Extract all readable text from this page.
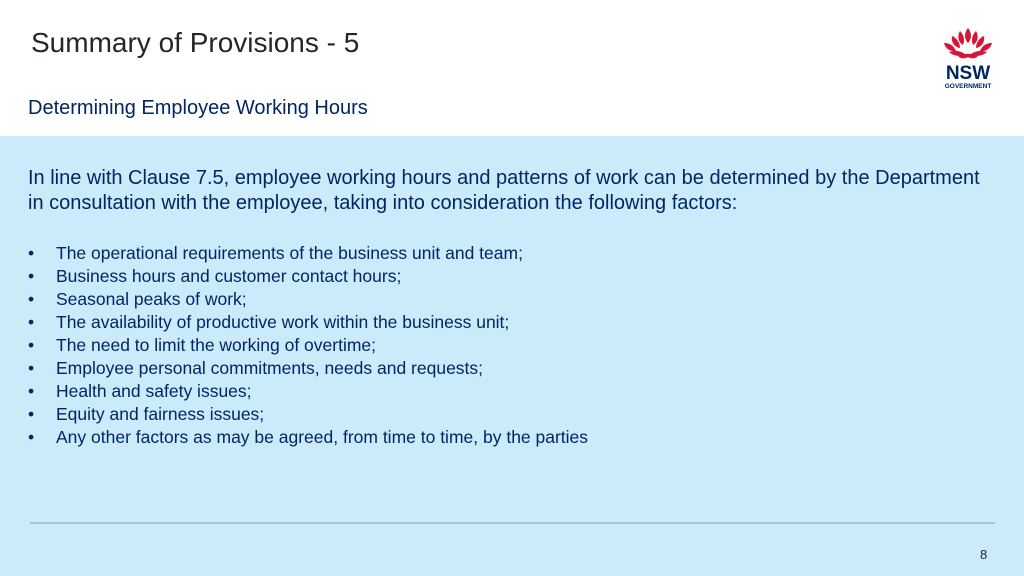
Summary of Provisions - 5
Determining Employee Working Hours
NSW
GOVERNMENT
In line with Clause 7.5, employee working hours and patterns of work can be determined by the Department in consultation with the employee, taking into consideration the following factors:
• The operational requirements of the business unit and team;
• Business hours and customer contact hours;
• Seasonal peaks of work;
• The availability of productive work within the business unit;
• The need to limit the working of overtime;
• Employee personal commitments, needs and requests;
• Health and safety issues;
• Equity and fairness issues;
• Any other factors as may be agreed, from time to time, by the parties
8
